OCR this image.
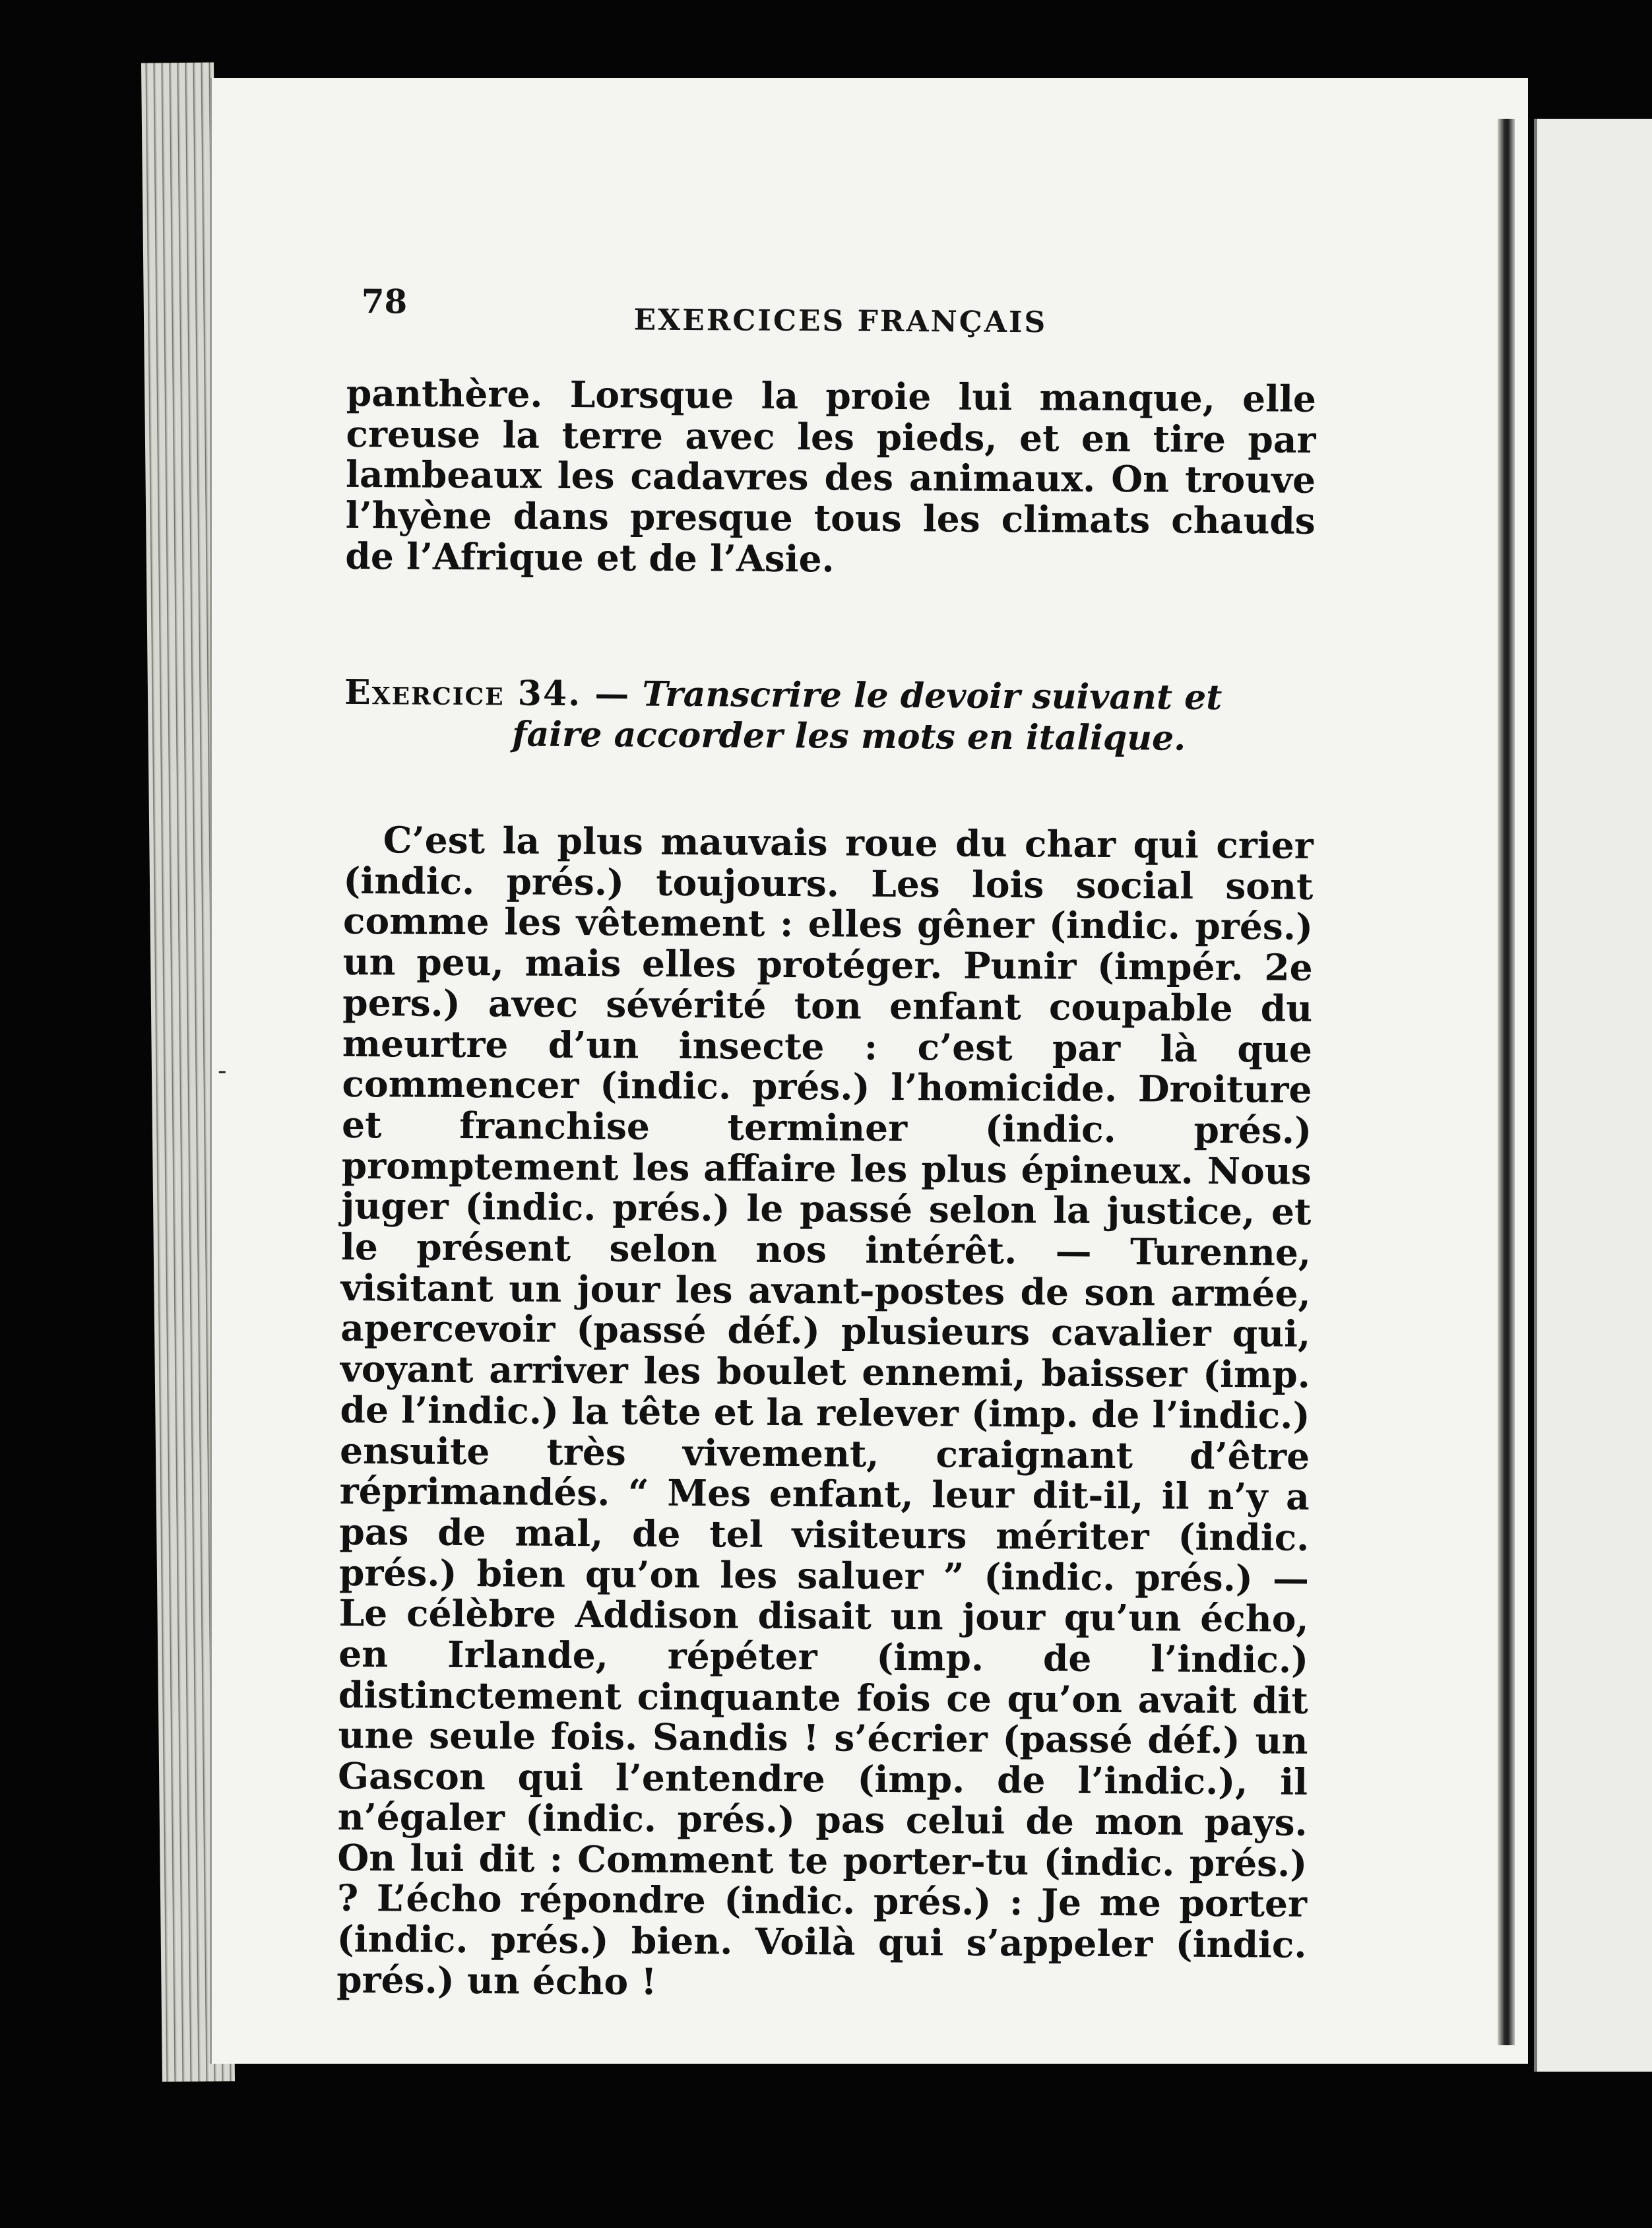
78
EXERCICES FRANÇAIS

panthère. Lorsque la proie lui manque, elle creuse la terre avec les pieds, et en tire par lambeaux les cadavres des animaux. On trouve l’hyène dans presque tous les climats chauds de l’Afrique et de l’Asie.

Exercice 34. — Transcrire le devoir suivant et
faire accorder les mots en italique.

C’est la plus mauvais roue du char qui crier (indic. prés.) toujours. Les lois social sont comme les vêtement : elles gêner (indic. prés.) un peu, mais elles protéger. Punir (impér. 2e pers.) avec sévérité ton enfant coupable du meurtre d’un insecte : c’est par là que commencer (indic. prés.) l’homicide. Droiture et franchise terminer (indic. prés.) promptement les affaire les plus épineux. Nous juger (indic. prés.) le passé selon la justice, et le présent selon nos intérêt. — Turenne, visitant un jour les avant-postes de son armée, apercevoir (passé déf.) plusieurs cavalier qui, voyant arriver les boulet ennemi, baisser (imp. de l’indic.) la tête et la relever (imp. de l’indic.) ensuite très vivement, craignant d’être réprimandés. “ Mes enfant, leur dit-il, il n’y a pas de mal, de tel visiteurs mériter (indic. prés.) bien qu’on les saluer ” (indic. prés.) — Le célèbre Addison disait un jour qu’un écho, en Irlande, répéter (imp. de l’indic.) distinctement cinquante fois ce qu’on avait dit une seule fois. Sandis ! s’écrier (passé déf.) un Gascon qui l’entendre (imp. de l’indic.), il n’égaler (indic. prés.) pas celui de mon pays. On lui dit : Comment te porter-tu (indic. prés.) ? L’écho répondre (indic. prés.) : Je me porter (indic. prés.) bien. Voilà qui s’appeler (indic. prés.) un écho !

-
